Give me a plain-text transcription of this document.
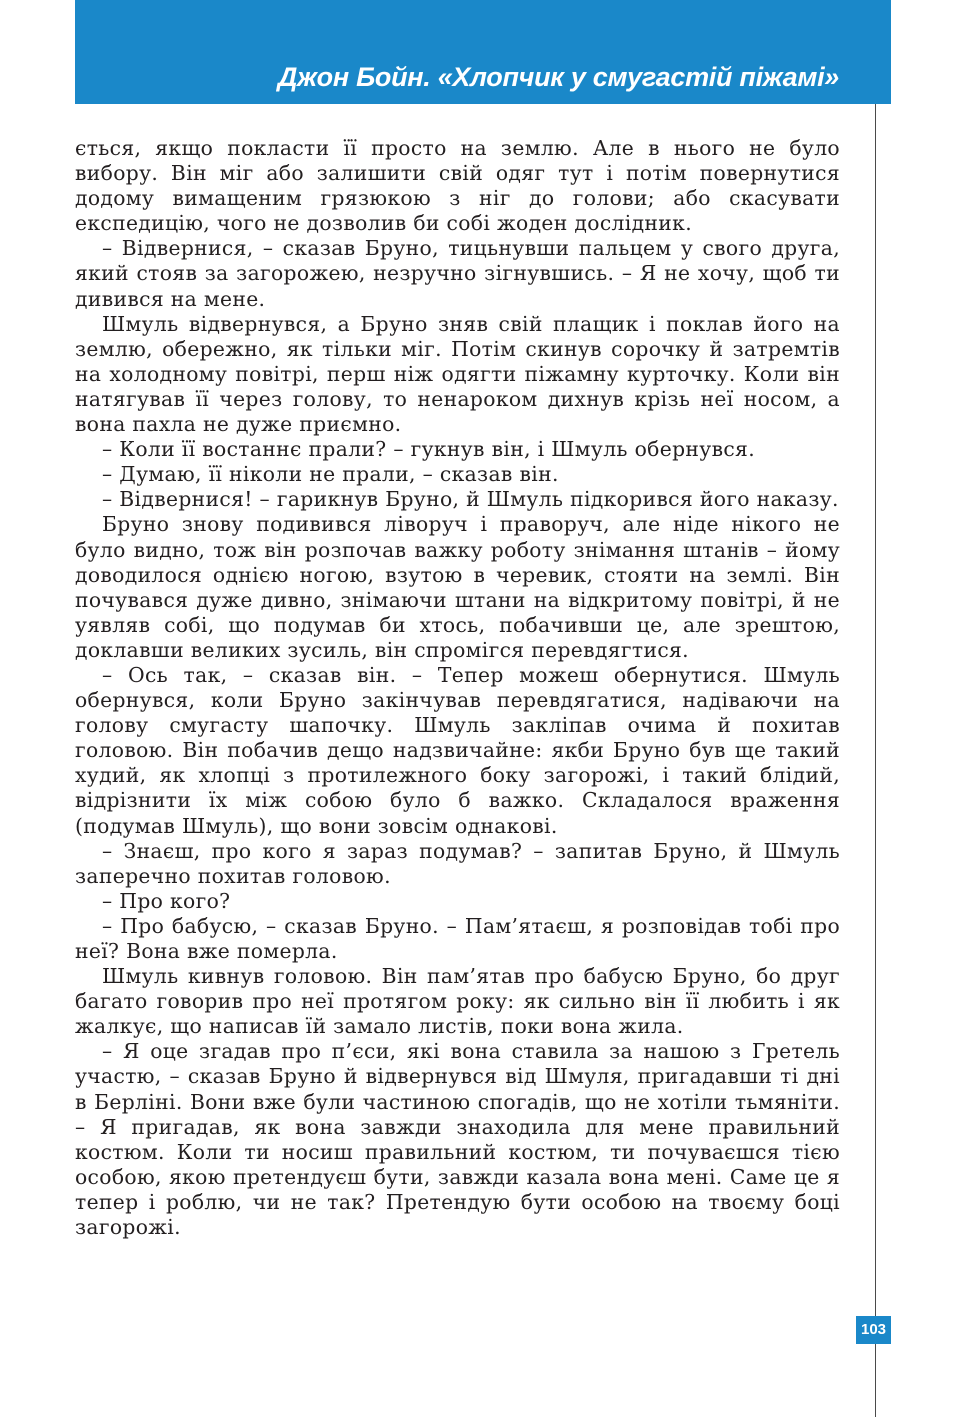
Джон Бойн. «Хлопчик у смугастій піжамі»

ється, якщо покласти її просто на землю. Але в нього не було вибору. Він міг або залишити свій одяг тут і потім повернутися додому вимащеним грязюкою з ніг до голови; або скасувати експедицію, чого не дозволив би собі жоден дослідник.

– Відвернися, – сказав Бруно, тицьнувши пальцем у свого друга, який стояв за загорожею, незручно зігнувшись. – Я не хочу, щоб ти дивився на мене.

Шмуль відвернувся, а Бруно зняв свій плащик і поклав його на землю, обережно, як тільки міг. Потім скинув сорочку й затремтів на холодному повітрі, перш ніж одягти піжамну курточку. Коли він натягував її через голову, то ненароком дихнув крізь неї носом, а вона пахла не дуже приємно.

– Коли її востаннє прали? – гукнув він, і Шмуль обернувся.

– Думаю, її ніколи не прали, – сказав він.

– Відвернися! – гарикнув Бруно, й Шмуль підкорився його наказу.

Бруно знову подивився ліворуч і праворуч, але ніде нікого не було видно, тож він розпочав важку роботу знімання штанів – йому доводилося однією ногою, взутою в черевик, стояти на землі. Він почувався дуже дивно, знімаючи штани на відкритому повітрі, й не уявляв собі, що подумав би хтось, побачивши це, але зрештою, доклавши великих зусиль, він спромігся перевдягтися.

– Ось так, – сказав він. – Тепер можеш обернутися. Шмуль обернувся, коли Бруно закінчував перевдягатися, надіваючи на голову смугасту шапочку. Шмуль закліпав очима й похитав головою. Він побачив дещо надзвичайне: якби Бруно був ще такий худий, як хлопці з протилежного боку загорожі, і такий блідий, відрізнити їх між собою було б важко. Складалося враження (подумав Шмуль), що вони зовсім однакові.

– Знаєш, про кого я зараз подумав? – запитав Бруно, й Шмуль заперечно похитав головою.

– Про кого?

– Про бабусю, – сказав Бруно. – Пам’ятаєш, я розповідав тобі про неї? Вона вже померла.

Шмуль кивнув головою. Він пам’ятав про бабусю Бруно, бо друг багато говорив про неї протягом року: як сильно він її любить і як жалкує, що написав їй замало листів, поки вона жила.

– Я оце згадав про п’єси, які вона ставила за нашою з Гретель участю, – сказав Бруно й відвернувся від Шмуля, пригадавши ті дні в Берліні. Вони вже були частиною спогадів, що не хотіли тьмяніти. – Я пригадав, як вона завжди знаходила для мене правильний костюм. Коли ти носиш правильний костюм, ти почуваєшся тією особою, якою претендуєш бути, завжди казала вона мені. Саме це я тепер і роблю, чи не так? Претендую бути особою на твоєму боці загорожі.

103
